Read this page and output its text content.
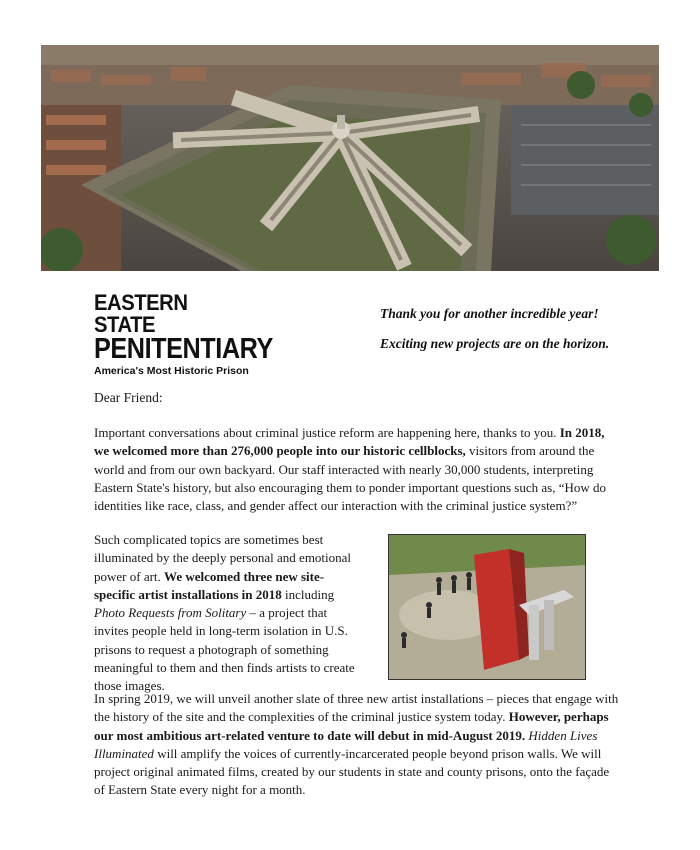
EASTERN STATE
PENITENTIARY
America's Most Historic Prison
Thank you for another incredible year!
Exciting new projects are on the horizon.
Dear Friend:
Important conversations about criminal justice reform are happening here, thanks to you. In 2018, we welcomed more than 276,000 people into our historic cellblocks, visitors from around the world and from our own backyard. Our staff interacted with nearly 30,000 students, interpreting Eastern State's history, but also encouraging them to ponder important questions such as, “How do identities like race, class, and gender affect our interaction with the criminal justice system?”
Such complicated topics are sometimes best illuminated by the deeply personal and emotional power of art. We welcomed three new site-specific artist installations in 2018 including Photo Requests from Solitary – a project that invites people held in long-term isolation in U.S. prisons to request a photograph of something meaningful to them and then finds artists to create those images.
In spring 2019, we will unveil another slate of three new artist installations – pieces that engage with the history of the site and the complexities of the criminal justice system today. However, perhaps our most ambitious art-related venture to date will debut in mid-August 2019. Hidden Lives Illuminated will amplify the voices of currently-incarcerated people beyond prison walls. We will project original animated films, created by our students in state and county prisons, onto the façade of Eastern State every night for a month.
